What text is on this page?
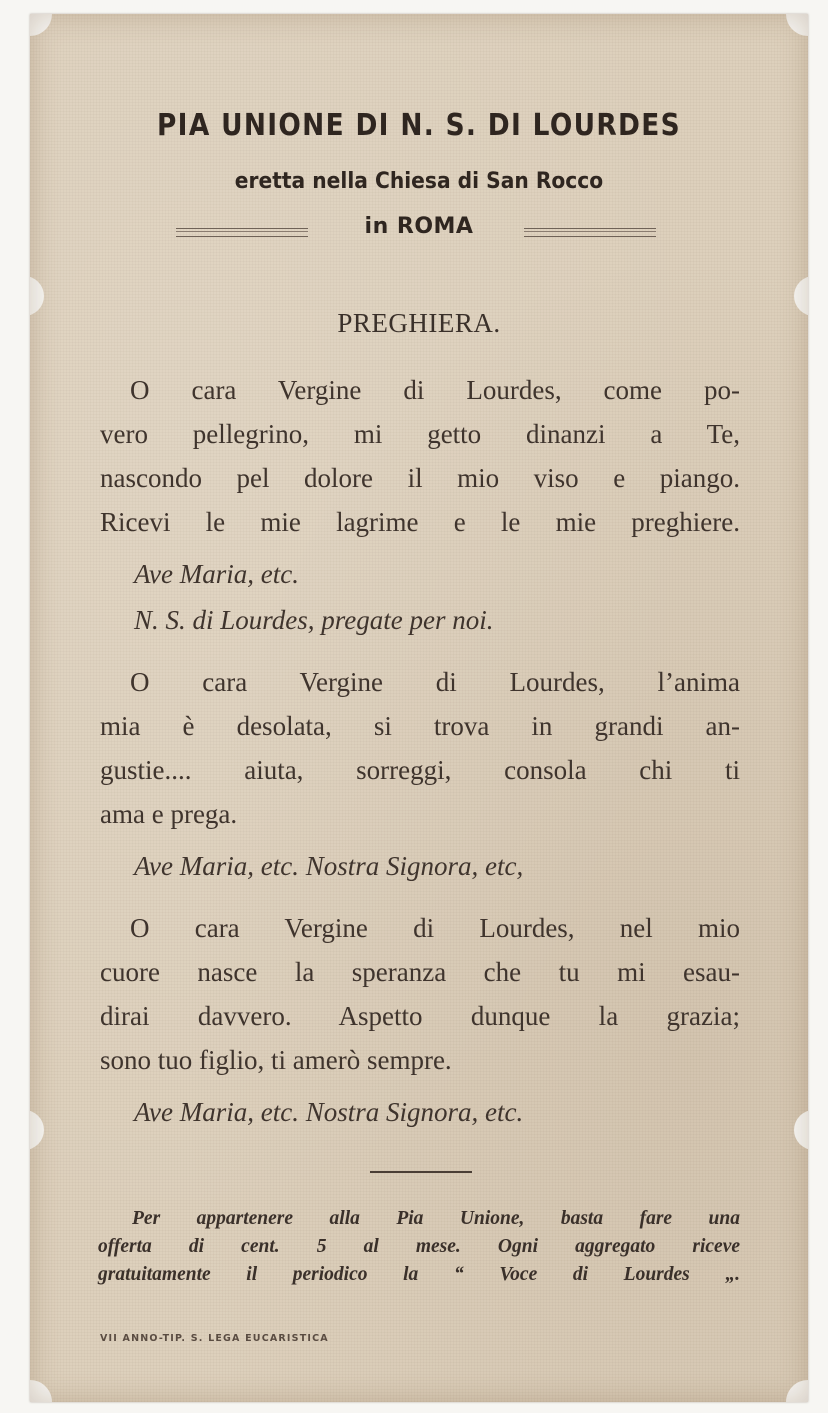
PIA UNIONE DI N. S. DI LOURDES
eretta nella Chiesa di San Rocco
in ROMA
PREGHIERA.
O cara Vergine di Lourdes, come po-
vero pellegrino, mi getto dinanzi a Te,
nascondo pel dolore il mio viso e piango.
Ricevi le mie lagrime e le mie preghiere.
Ave Maria, etc.
N. S. di Lourdes, pregate per noi.
O cara Vergine di Lourdes, l’anima
mia è desolata, si trova in grandi an-
gustie.... aiuta, sorreggi, consola chi ti
ama e prega.
Ave Maria, etc. Nostra Signora, etc,
O cara Vergine di Lourdes, nel mio
cuore nasce la speranza che tu mi esau-
dirai davvero. Aspetto dunque la grazia;
sono tuo figlio, ti amerò sempre.
Ave Maria, etc. Nostra Signora, etc.
Per appartenere alla Pia Unione, basta fare una
offerta di cent. 5 al mese. Ogni aggregato riceve
gratuitamente il periodico la “ Voce di Lourdes „.
VII ANNO-TIP. S. LEGA EUCARISTICA
